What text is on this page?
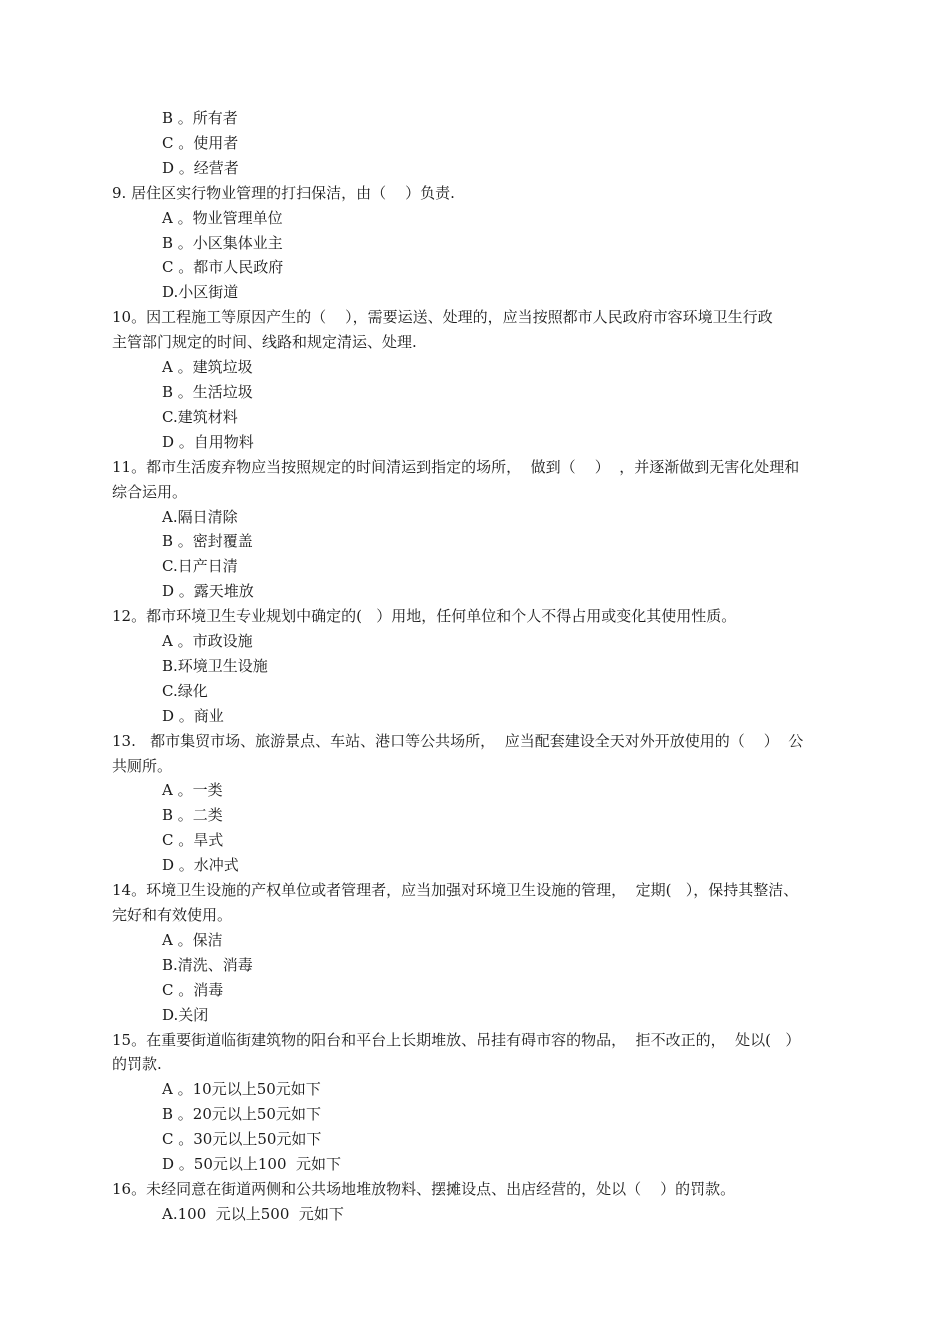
B 。所有者
C 。使用者
D 。经营者
9. 居住区实行物业管理的打扫保洁，由（    ）负责.
A 。物业管理单位
B 。小区集体业主
C 。都市人民政府
D.小区街道
10。因工程施工等原因产生的（    ），需要运送、处理的，应当按照都市人民政府市容环境卫生行政
主管部门规定的时间、线路和规定清运、处理.
A 。建筑垃圾
B 。生活垃圾
C.建筑材料
D 。自用物料
11。都市生活废弃物应当按照规定的时间清运到指定的场所，  做到（    ）  ，并逐渐做到无害化处理和
综合运用。
A.隔日清除
B 。密封覆盖
C.日产日清
D 。露天堆放
12。都市环境卫生专业规划中确定的(   ）用地，任何单位和个人不得占用或变化其使用性质。
A 。市政设施
B.环境卫生设施
C.绿化
D 。商业
13.   都市集贸市场、旅游景点、车站、港口等公共场所，  应当配套建设全天对外开放使用的（    ）  公
共厕所。
A 。一类
B 。二类
C 。旱式
D 。水冲式
14。环境卫生设施的产权单位或者管理者，应当加强对环境卫生设施的管理，  定期(   ），保持其整洁、
完好和有效使用。
A 。保洁
B.清洗、消毒
C 。消毒
D.关闭
15。在重要街道临街建筑物的阳台和平台上长期堆放、吊挂有碍市容的物品，  拒不改正的，  处以(   ）
的罚款.
A 。10元以上50元如下
B 。20元以上50元如下
C 。30元以上50元如下
D 。50元以上100  元如下
16。未经同意在街道两侧和公共场地堆放物料、摆摊设点、出店经营的，处以（    ）的罚款。
A.100  元以上500  元如下
